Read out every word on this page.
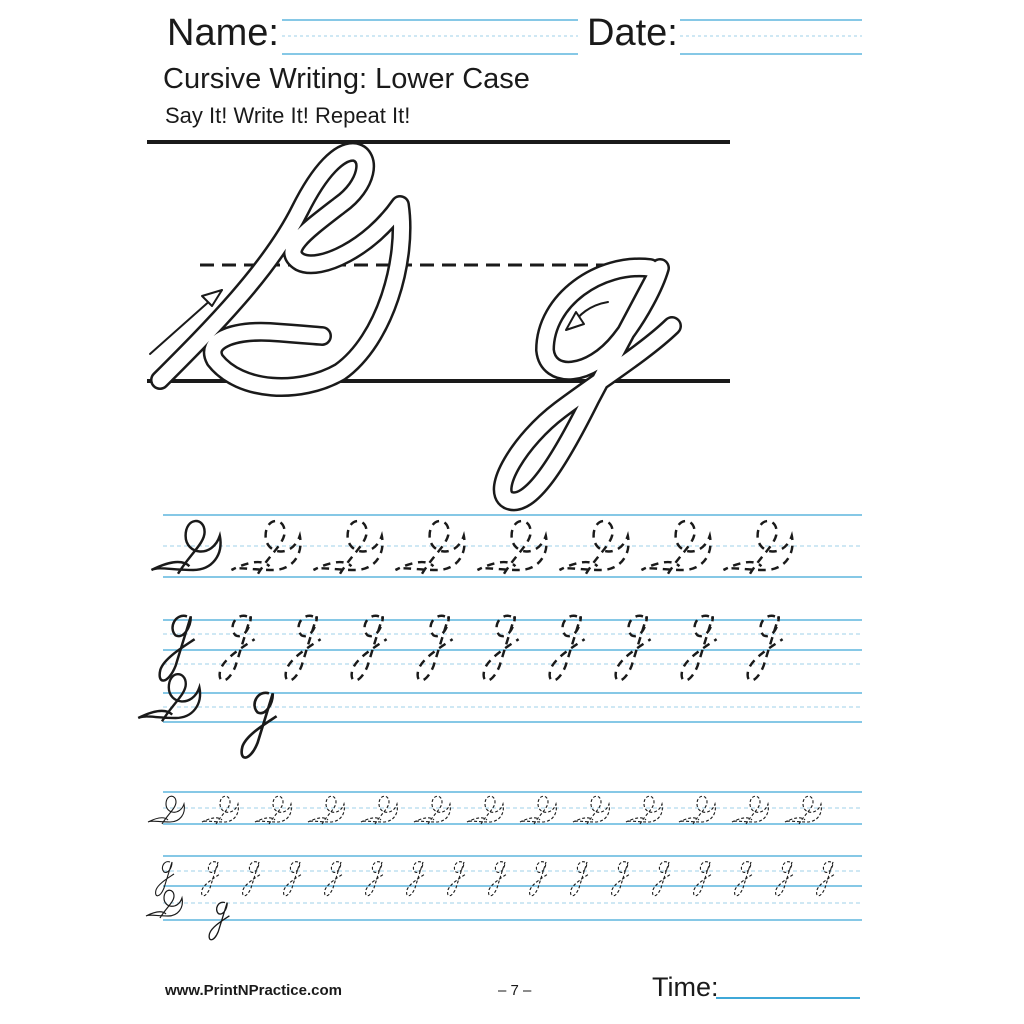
Name:	Date:
Cursive Writing: Lower Case
Say It! Write It! Repeat It!
www.PrintNPractice.com	– 7 –	Time:
